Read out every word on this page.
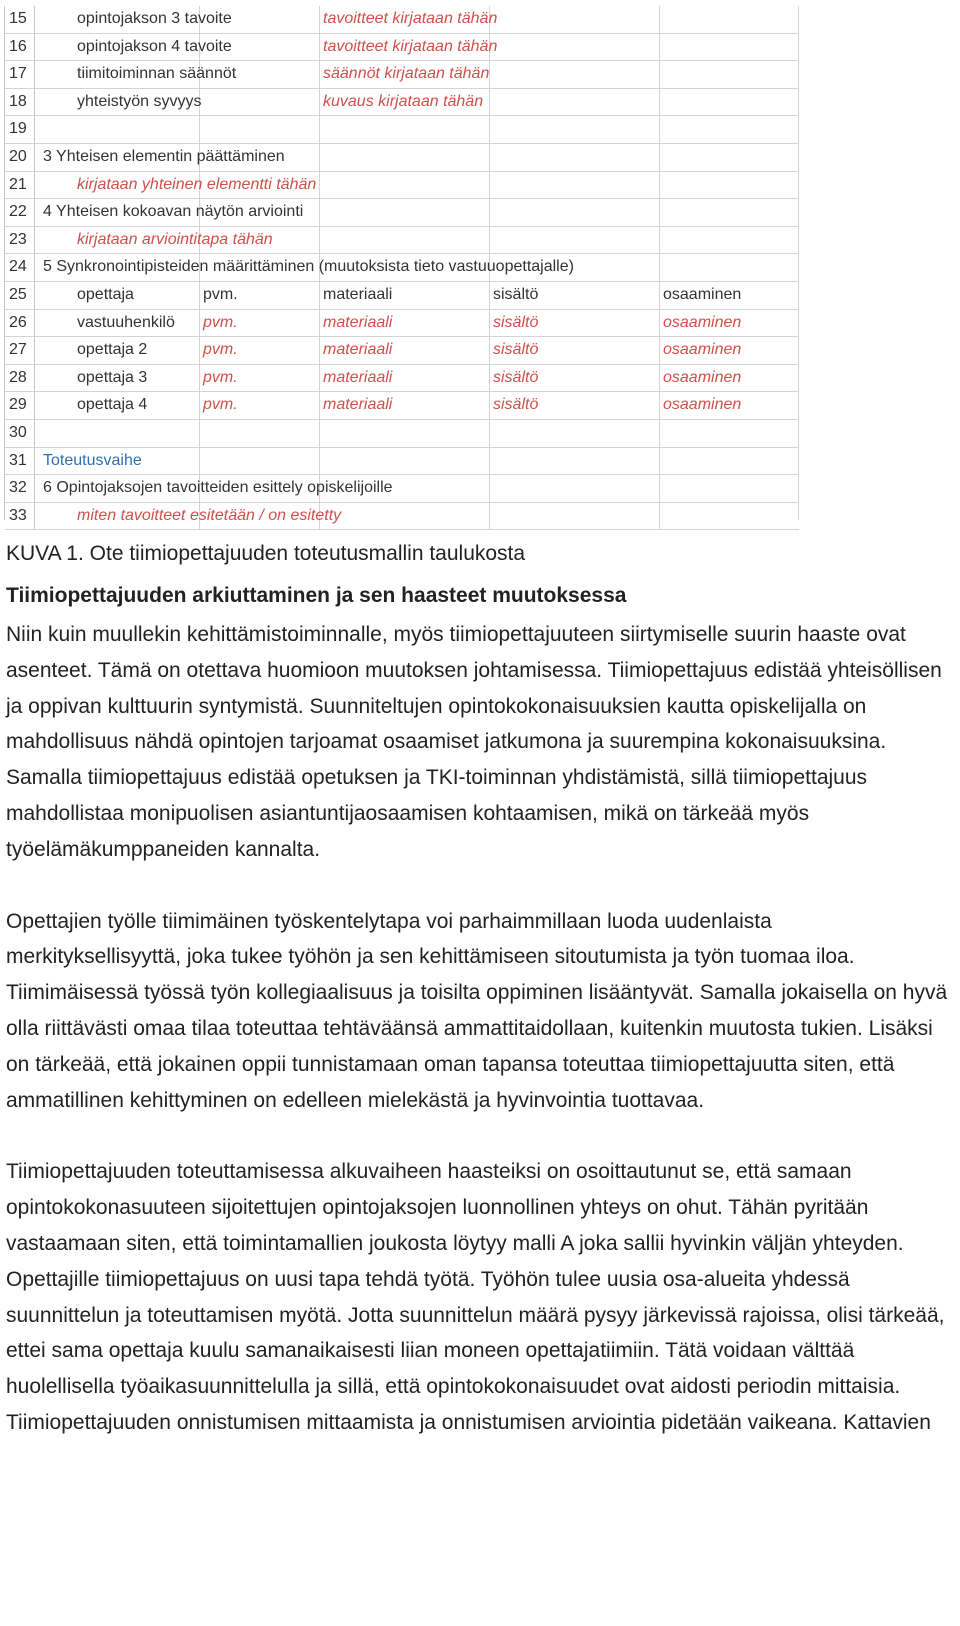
15	opintojakson 3 tavoite	tavoitteet kirjataan tähän
16	opintojakson 4 tavoite	tavoitteet kirjataan tähän
17	tiimitoiminnan säännöt	säännöt kirjataan tähän
18	yhteistyön syvyys	kuvaus kirjataan tähän
19
20	3 Yhteisen elementin päättäminen
21	kirjataan yhteinen elementti tähän
22	4 Yhteisen kokoavan näytön arviointi
23	kirjataan arviointitapa tähän
24	5 Synkronointipisteiden määrittäminen (muutoksista tieto vastuuopettajalle)
25	opettaja	pvm.	materiaali	sisältö	osaaminen
26	vastuuhenkilö pvm.	materiaali	sisältö	osaaminen
27	opettaja 2	pvm.	materiaali	sisältö	osaaminen
28	opettaja 3	pvm.	materiaali	sisältö	osaaminen
29	opettaja 4	pvm.	materiaali	sisältö	osaaminen
30
31	Toteutusvaihe
32	6 Opintojaksojen tavoitteiden esittely opiskelijoille
33	miten tavoitteet esitetään / on esitetty

KUVA 1. Ote tiimiopettajuuden toteutusmallin taulukosta

Tiimiopettajuuden arkiuttaminen ja sen haasteet muutoksessa

Niin kuin muullekin kehittämistoiminnalle, myös tiimiopettajuuteen siirtymiselle suurin haaste ovat asenteet. Tämä on otettava huomioon muutoksen johtamisessa. Tiimiopettajuus edistää yhteisöllisen ja oppivan kulttuurin syntymistä. Suunniteltujen opintokokonaisuuksien kautta opiskelijalla on mahdollisuus nähdä opintojen tarjoamat osaamiset jatkumona ja suurempina kokonaisuuksina. Samalla tiimiopettajuus edistää opetuksen ja TKI-toiminnan yhdistämistä, sillä tiimiopettajuus mahdollistaa monipuolisen asiantuntijaosaamisen kohtaamisen, mikä on tärkeää myös työelämäkumppaneiden kannalta.

Opettajien työlle tiimimäinen työskentelytapa voi parhaimmillaan luoda uudenlaista merkityksellisyyttä, joka tukee työhön ja sen kehittämiseen sitoutumista ja työn tuomaa iloa. Tiimimäisessä työssä työn kollegiaalisuus ja toisilta oppiminen lisääntyvät. Samalla jokaisella on hyvä olla riittävästi omaa tilaa toteuttaa tehtäväänsä ammattitaidollaan, kuitenkin muutosta tukien. Lisäksi on tärkeää, että jokainen oppii tunnistamaan oman tapansa toteuttaa tiimiopettajuutta siten, että ammatillinen kehittyminen on edelleen mielekästä ja hyvinvointia tuottavaa.

Tiimiopettajuuden toteuttamisessa alkuvaiheen haasteiksi on osoittautunut se, että samaan opintokokonasuuteen sijoitettujen opintojaksojen luonnollinen yhteys on ohut. Tähän pyritään vastaamaan siten, että toimintamallien joukosta löytyy malli A joka sallii hyvinkin väljän yhteyden. Opettajille tiimiopettajuus on uusi tapa tehdä työtä. Työhön tulee uusia osa-alueita yhdessä suunnittelun ja toteuttamisen myötä. Jotta suunnittelun määrä pysyy järkevissä rajoissa, olisi tärkeää, ettei sama opettaja kuulu samanaikaisesti liian moneen opettajatiimiin. Tätä voidaan välttää huolellisella työaikasuunnittelulla ja sillä, että opintokokonaisuudet ovat aidosti periodin mittaisia. Tiimiopettajuuden onnistumisen mittaamista ja onnistumisen arviointia pidetään vaikeana. Kattavien
